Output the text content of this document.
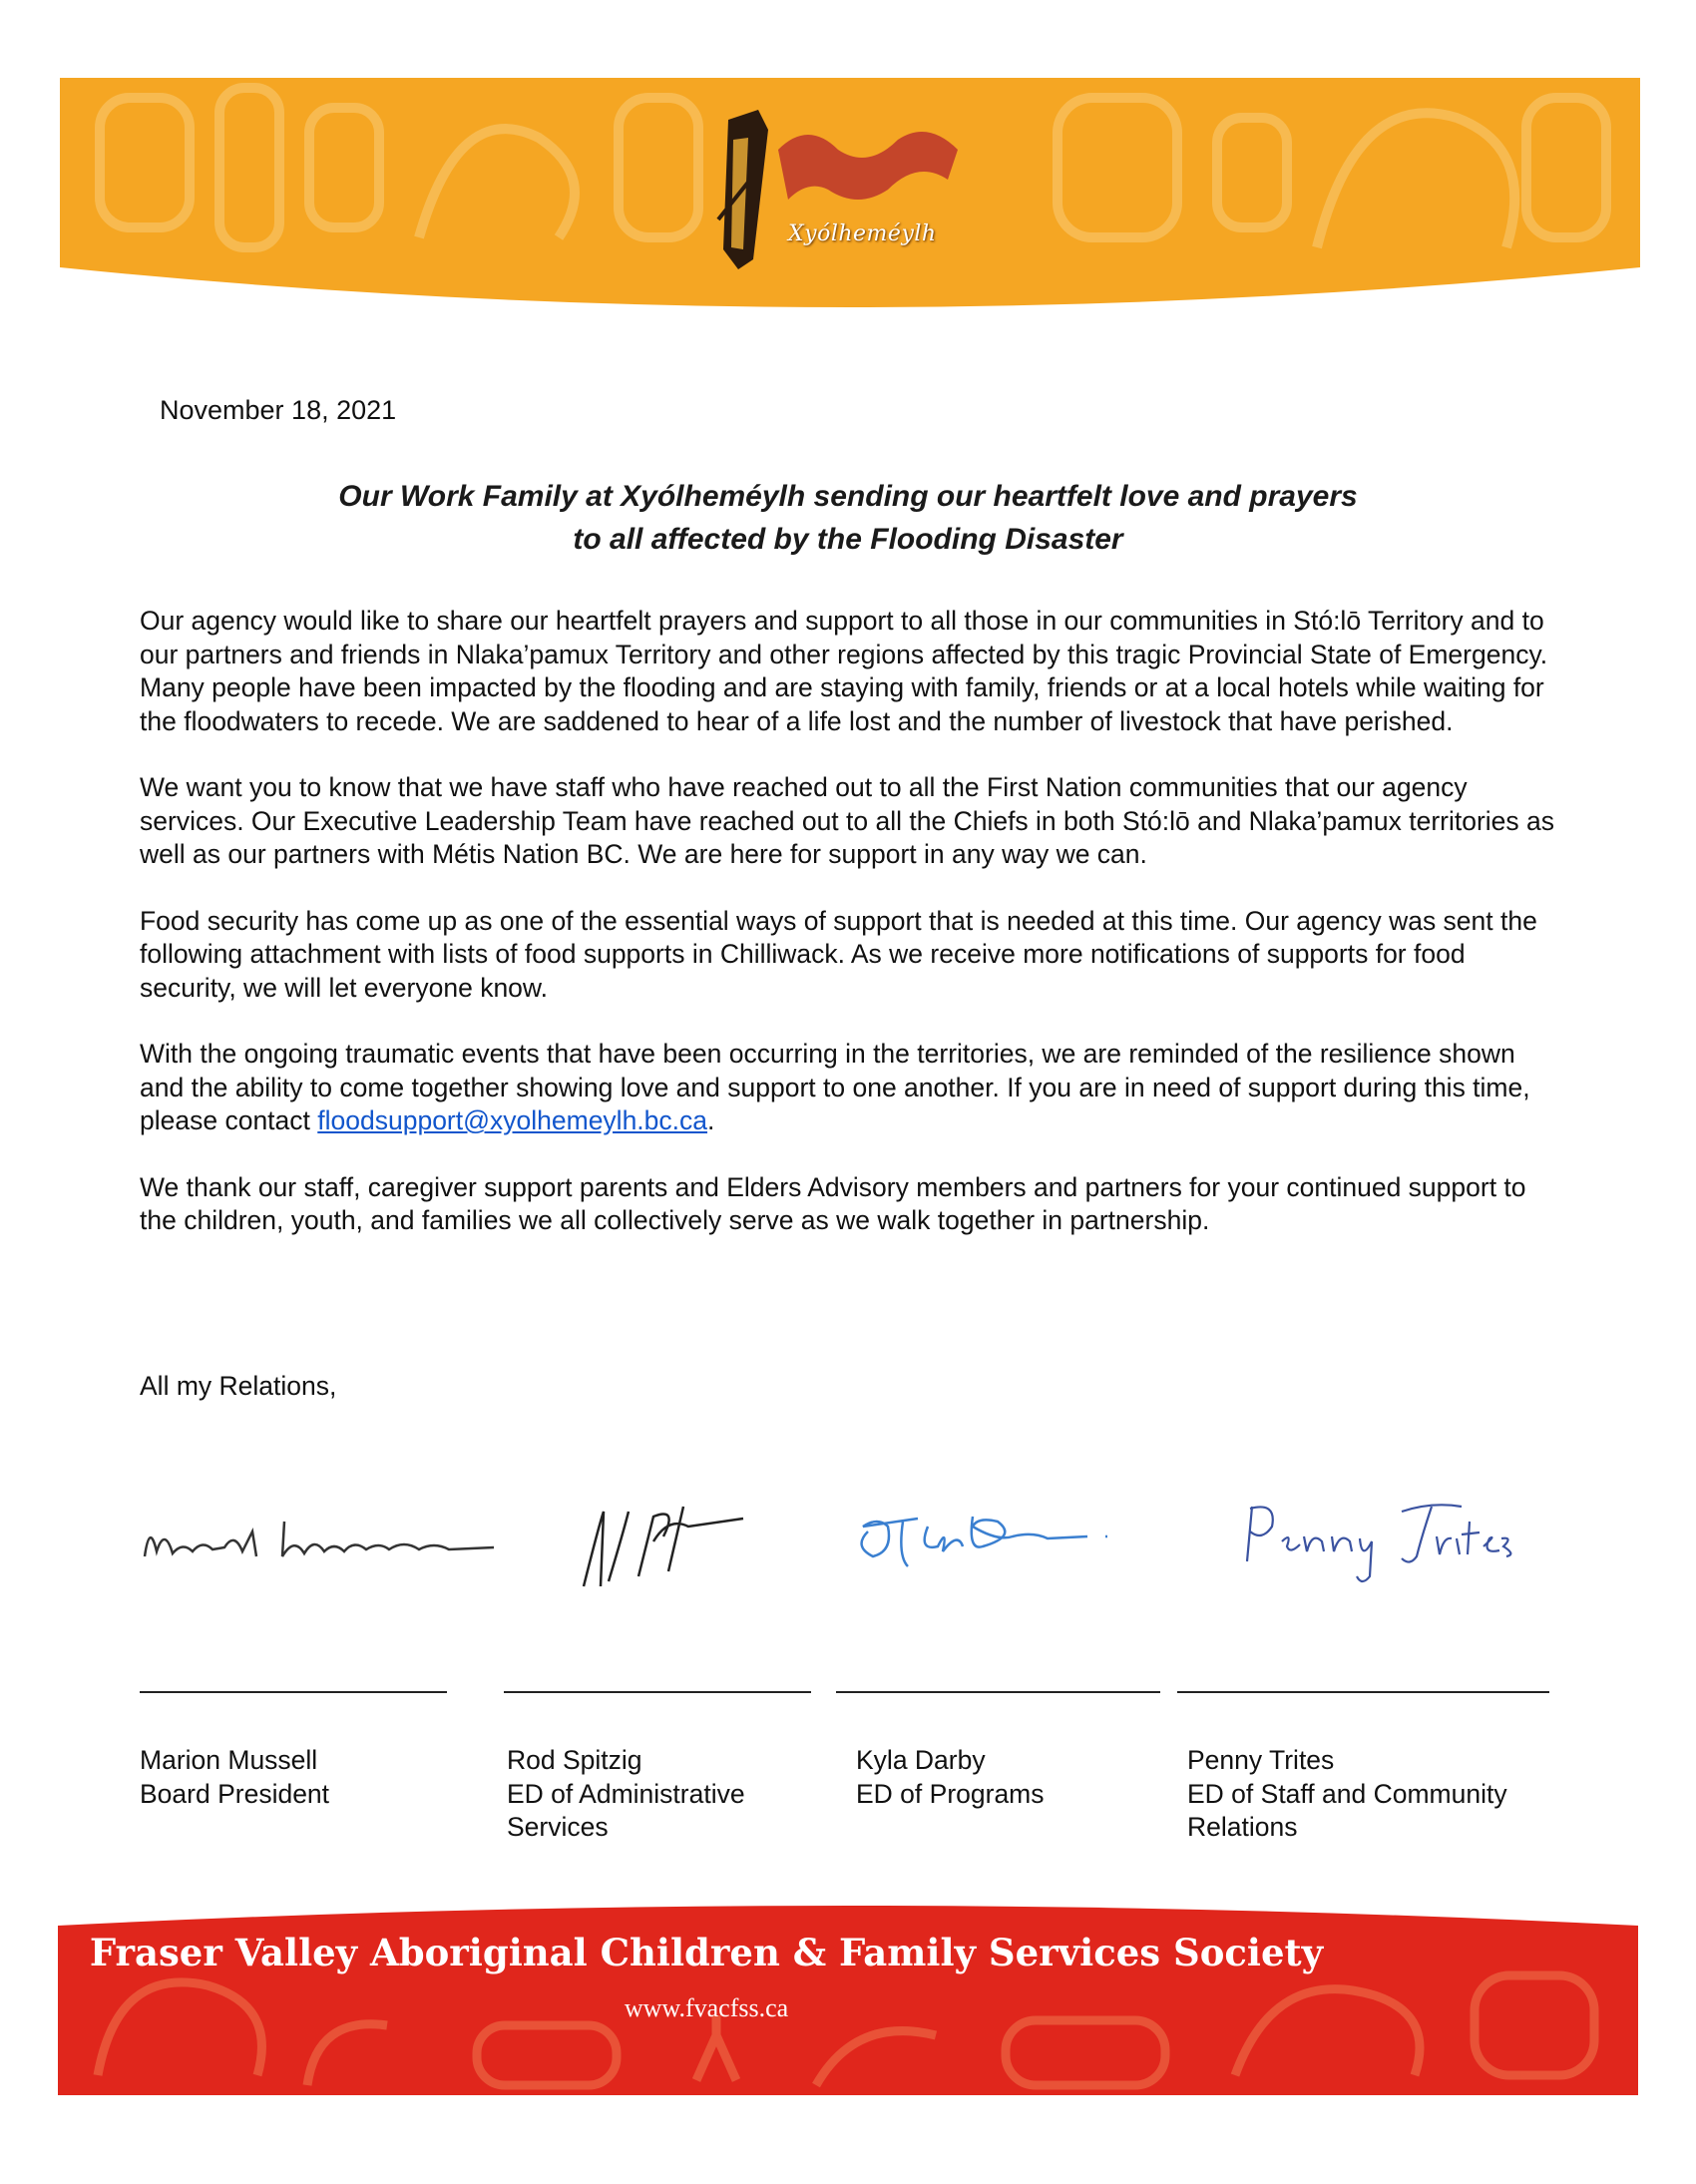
Xyólheméylh
November 18, 2021
Our Work Family at Xyólheméylh sending our heartfelt love and prayers
to all affected by the Flooding Disaster

Our agency would like to share our heartfelt prayers and support to all those in our communities in Stó:lō Territory and to our partners and friends in Nlaka’pamux Territory and other regions affected by this tragic Provincial State of Emergency. Many people have been impacted by the flooding and are staying with family, friends or at a local hotels while waiting for the floodwaters to recede. We are saddened to hear of a life lost and the number of livestock that have perished.

We want you to know that we have staff who have reached out to all the First Nation communities that our agency services. Our Executive Leadership Team have reached out to all the Chiefs in both Stó:lō and Nlaka’pamux territories as well as our partners with Métis Nation BC. We are here for support in any way we can.

Food security has come up as one of the essential ways of support that is needed at this time. Our agency was sent the following attachment with lists of food supports in Chilliwack. As we receive more notifications of supports for food security, we will let everyone know.

With the ongoing traumatic events that have been occurring in the territories, we are reminded of the resilience shown and the ability to come together showing love and support to one another. If you are in need of support during this time, please contact floodsupport@xyolhemeylh.bc.ca.

We thank our staff, caregiver support parents and Elders Advisory members and partners for your continued support to the children, youth, and families we all collectively serve as we walk together in partnership.

All my Relations,
Marion Mussell
Board President
Rod Spitzig
ED of Administrative Services
Kyla Darby
ED of Programs
Penny Trites
ED of Staff and Community Relations
Fraser Valley Aboriginal Children & Family Services Society
www.fvacfss.ca
